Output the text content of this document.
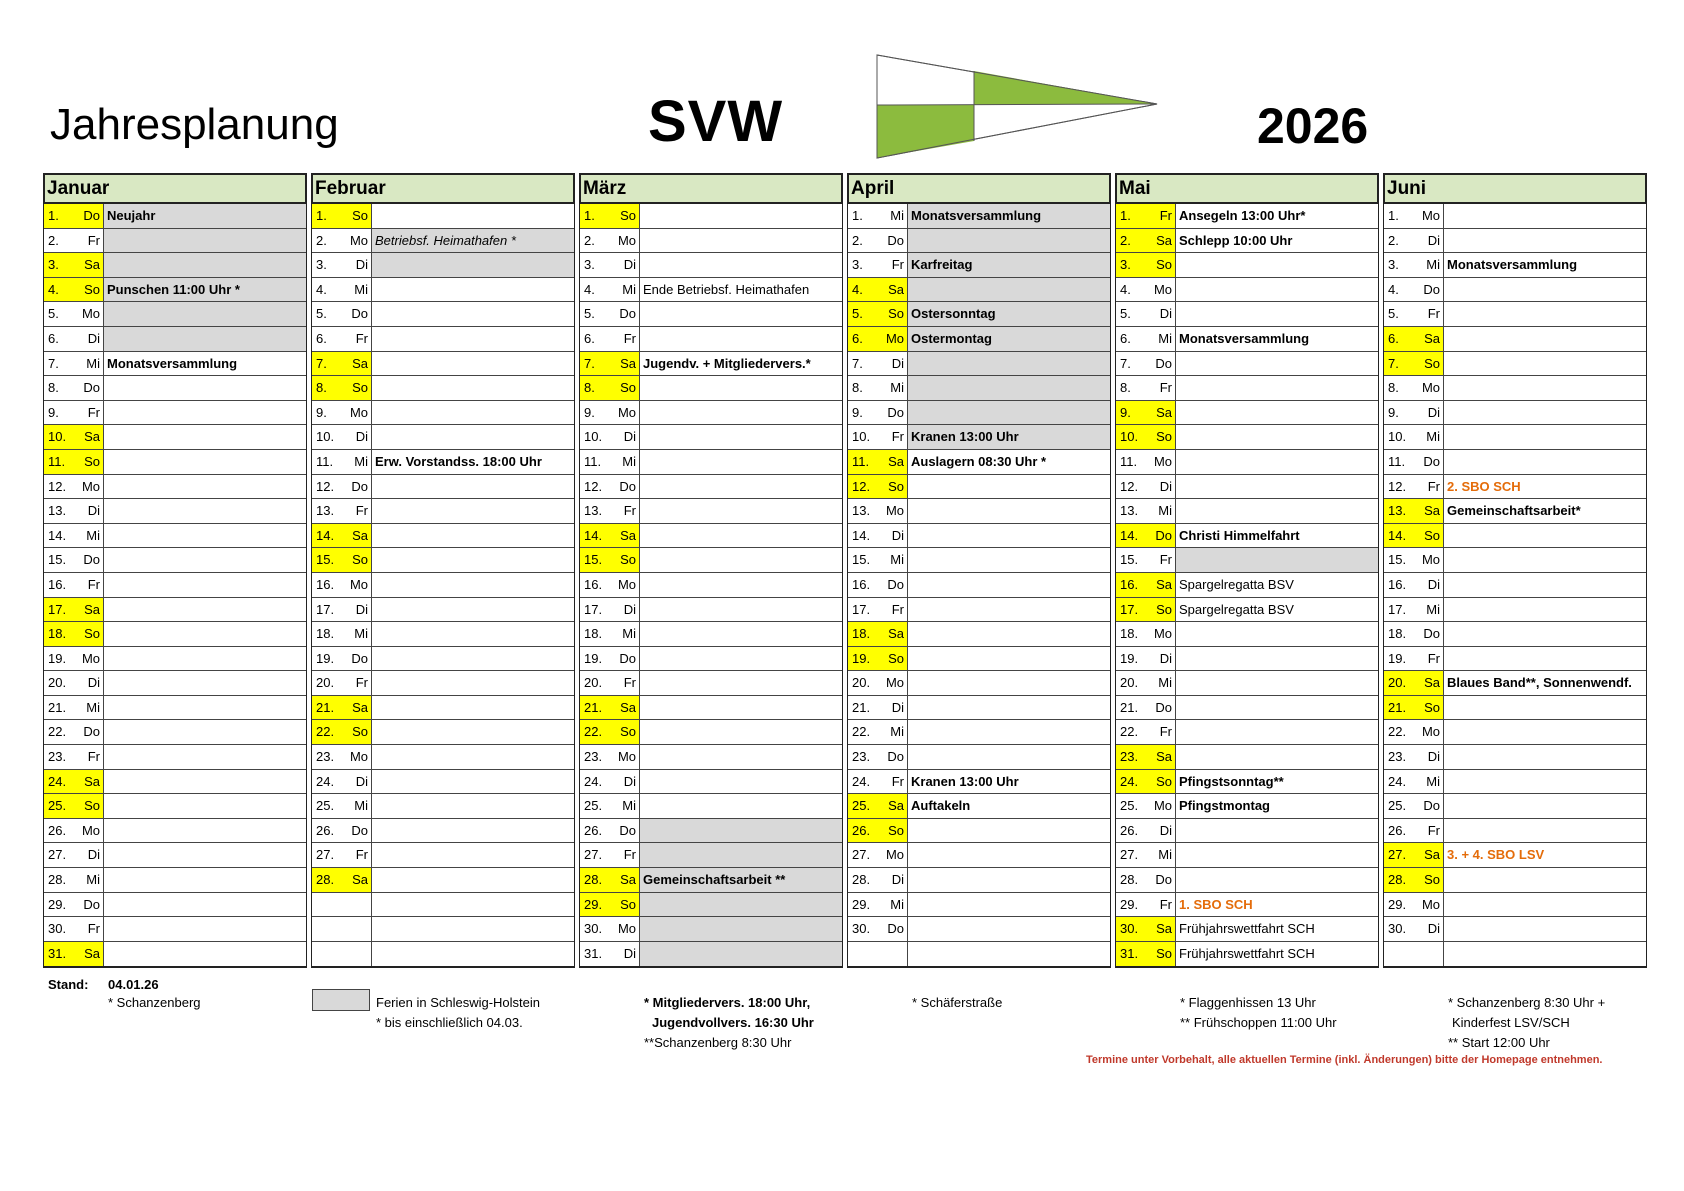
Jahresplanung	SVW	2026
Januar
1. Do Neujahr
2. Fr
3. Sa
4. So Punschen 11:00 Uhr *
5. Mo
6. Di
7. Mi Monatsversammlung
8. Do
9. Fr
10. Sa
11. So
12. Mo
13. Di
14. Mi
15. Do
16. Fr
17. Sa
18. So
19. Mo
20. Di
21. Mi
22. Do
23. Fr
24. Sa
25. So
26. Mo
27. Di
28. Mi
29. Do
30. Fr
31. Sa
Februar
1. So
2. Mo Betriebsf. Heimathafen *
3. Di
4. Mi
5. Do
6. Fr
7. Sa
8. So
9. Mo
10. Di
11. Mi Erw. Vorstandss. 18:00 Uhr
12. Do
13. Fr
14. Sa
15. So
16. Mo
17. Di
18. Mi
19. Do
20. Fr
21. Sa
22. So
23. Mo
24. Di
25. Mi
26. Do
27. Fr
28. Sa
März
1. So
2. Mo
3. Di
4. Mi Ende Betriebsf. Heimathafen
5. Do
6. Fr
7. Sa Jugendv. + Mitgliedervers.*
8. So
9. Mo
10. Di
11. Mi
12. Do
13. Fr
14. Sa
15. So
16. Mo
17. Di
18. Mi
19. Do
20. Fr
21. Sa
22. So
23. Mo
24. Di
25. Mi
26. Do
27. Fr
28. Sa Gemeinschaftsarbeit **
29. So
30. Mo
31. Di
April
1. Mi Monatsversammlung
2. Do
3. Fr Karfreitag
4. Sa
5. So Ostersonntag
6. Mo Ostermontag
7. Di
8. Mi
9. Do
10. Fr Kranen 13:00 Uhr
11. Sa Auslagern 08:30 Uhr *
12. So
13. Mo
14. Di
15. Mi
16. Do
17. Fr
18. Sa
19. So
20. Mo
21. Di
22. Mi
23. Do
24. Fr Kranen 13:00 Uhr
25. Sa Auftakeln
26. So
27. Mo
28. Di
29. Mi
30. Do
Mai
1. Fr Ansegeln 13:00 Uhr*
2. Sa Schlepp 10:00 Uhr
3. So
4. Mo
5. Di
6. Mi Monatsversammlung
7. Do
8. Fr
9. Sa
10. So
11. Mo
12. Di
13. Mi
14. Do Christi Himmelfahrt
15. Fr
16. Sa Spargelregatta BSV
17. So Spargelregatta BSV
18. Mo
19. Di
20. Mi
21. Do
22. Fr
23. Sa
24. So Pfingstsonntag**
25. Mo Pfingstmontag
26. Di
27. Mi
28. Do
29. Fr 1. SBO SCH
30. Sa Frühjahrswettfahrt SCH
31. So Frühjahrswettfahrt SCH
Juni
1. Mo
2. Di
3. Mi Monatsversammlung
4. Do
5. Fr
6. Sa
7. So
8. Mo
9. Di
10. Mi
11. Do
12. Fr 2. SBO SCH
13. Sa Gemeinschaftsarbeit*
14. So
15. Mo
16. Di
17. Mi
18. Do
19. Fr
20. Sa Blaues Band**, Sonnenwendf.
21. So
22. Mo
23. Di
24. Mi
25. Do
26. Fr
27. Sa 3. + 4. SBO LSV
28. So
29. Mo
30. Di
Stand: 04.01.26
* Schanzenberg	Ferien in Schleswig-Holstein
* bis einschließlich 04.03.
* Mitgliedervers. 18:00 Uhr,
Jugendvollvers. 16:30 Uhr
**Schanzenberg 8:30 Uhr
* Schäferstraße	* Flaggenhissen 13 Uhr
** Frühschoppen 11:00 Uhr
* Schanzenberg 8:30 Uhr +
Kinderfest LSV/SCH
** Start 12:00 Uhr
Termine unter Vorbehalt, alle aktuellen Termine (inkl. Änderungen) bitte der Homepage entnehmen.
